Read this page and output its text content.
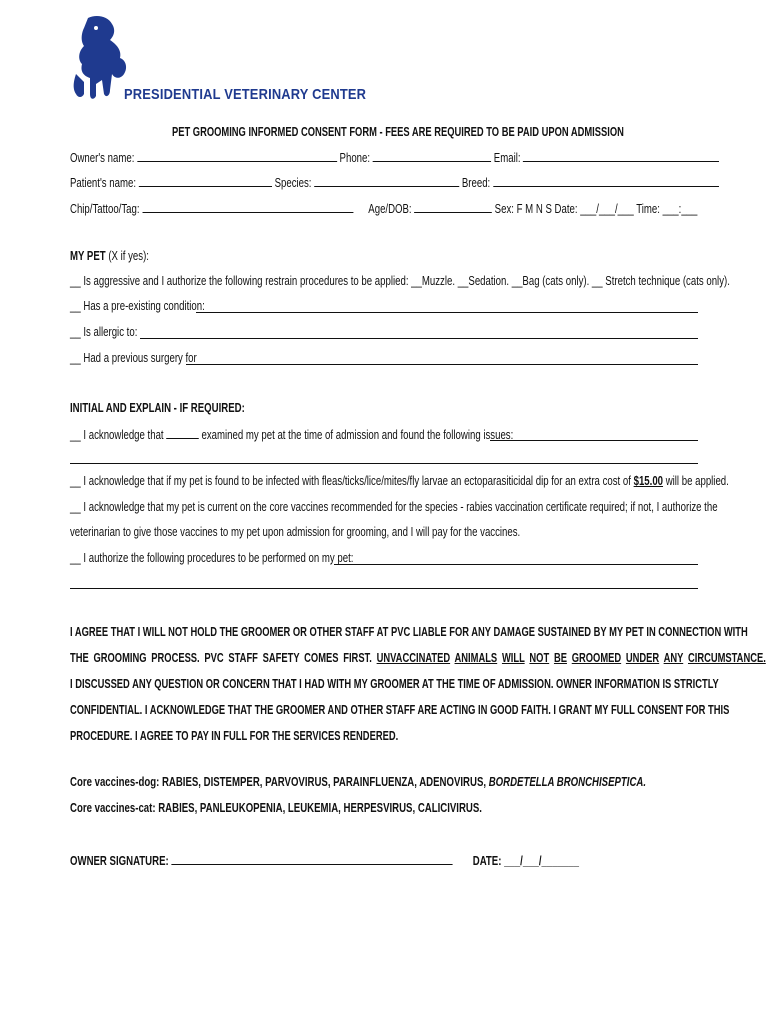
PRESIDENTIAL VETERINARY CENTER
PET GROOMING INFORMED CONSENT FORM - FEES ARE REQUIRED TO BE PAID UPON ADMISSION
Owner's name:	Phone:	Email:
Patient's name:	Species:	Breed:
Chip/Tattoo/Tag:	Age/DOB:	Sex: F M N S Date: ___/___/___ Time: ___:___
MY PET (X if yes):
__ Is aggressive and I authorize the following restrain procedures to be applied: __Muzzle. __Sedation. __Bag (cats only). __ Stretch technique (cats only).
__ Has a pre-existing condition:
__ Is allergic to:
__ Had a previous surgery for
INITIAL AND EXPLAIN - IF REQUIRED:
__ I acknowledge that	examined my pet at the time of admission and found the following issues:
__ I acknowledge that if my pet is found to be infected with fleas/ticks/lice/mites/fly larvae an ectoparasiticidal dip for an extra cost of $15.00 will be applied.
__ I acknowledge that my pet is current on the core vaccines recommended for the species - rabies vaccination certificate required; if not, I authorize the
veterinarian to give those vaccines to my pet upon admission for grooming, and I will pay for the vaccines.
__ I authorize the following procedures to be performed on my pet:
I AGREE THAT I WILL NOT HOLD THE GROOMER OR OTHER STAFF AT PVC LIABLE FOR ANY DAMAGE SUSTAINED BY MY PET IN CONNECTION WITH
THE GROOMING PROCESS. PVC STAFF SAFETY COMES FIRST. UNVACCINATED ANIMALS WILL NOT BE GROOMED UNDER ANY CIRCUMSTANCE.
I DISCUSSED ANY QUESTION OR CONCERN THAT I HAD WITH MY GROOMER AT THE TIME OF ADMISSION. OWNER INFORMATION IS STRICTLY
CONFIDENTIAL. I ACKNOWLEDGE THAT THE GROOMER AND OTHER STAFF ARE ACTING IN GOOD FAITH. I GRANT MY FULL CONSENT FOR THIS
PROCEDURE. I AGREE TO PAY IN FULL FOR THE SERVICES RENDERED.
Core vaccines-dog: RABIES, DISTEMPER, PARVOVIRUS, PARAINFLUENZA, ADENOVIRUS, BORDETELLA BRONCHISEPTICA.
Core vaccines-cat: RABIES, PANLEUKOPENIA, LEUKEMIA, HERPESVIRUS, CALICIVIRUS.
OWNER SIGNATURE:	DATE: ___/___/_______
